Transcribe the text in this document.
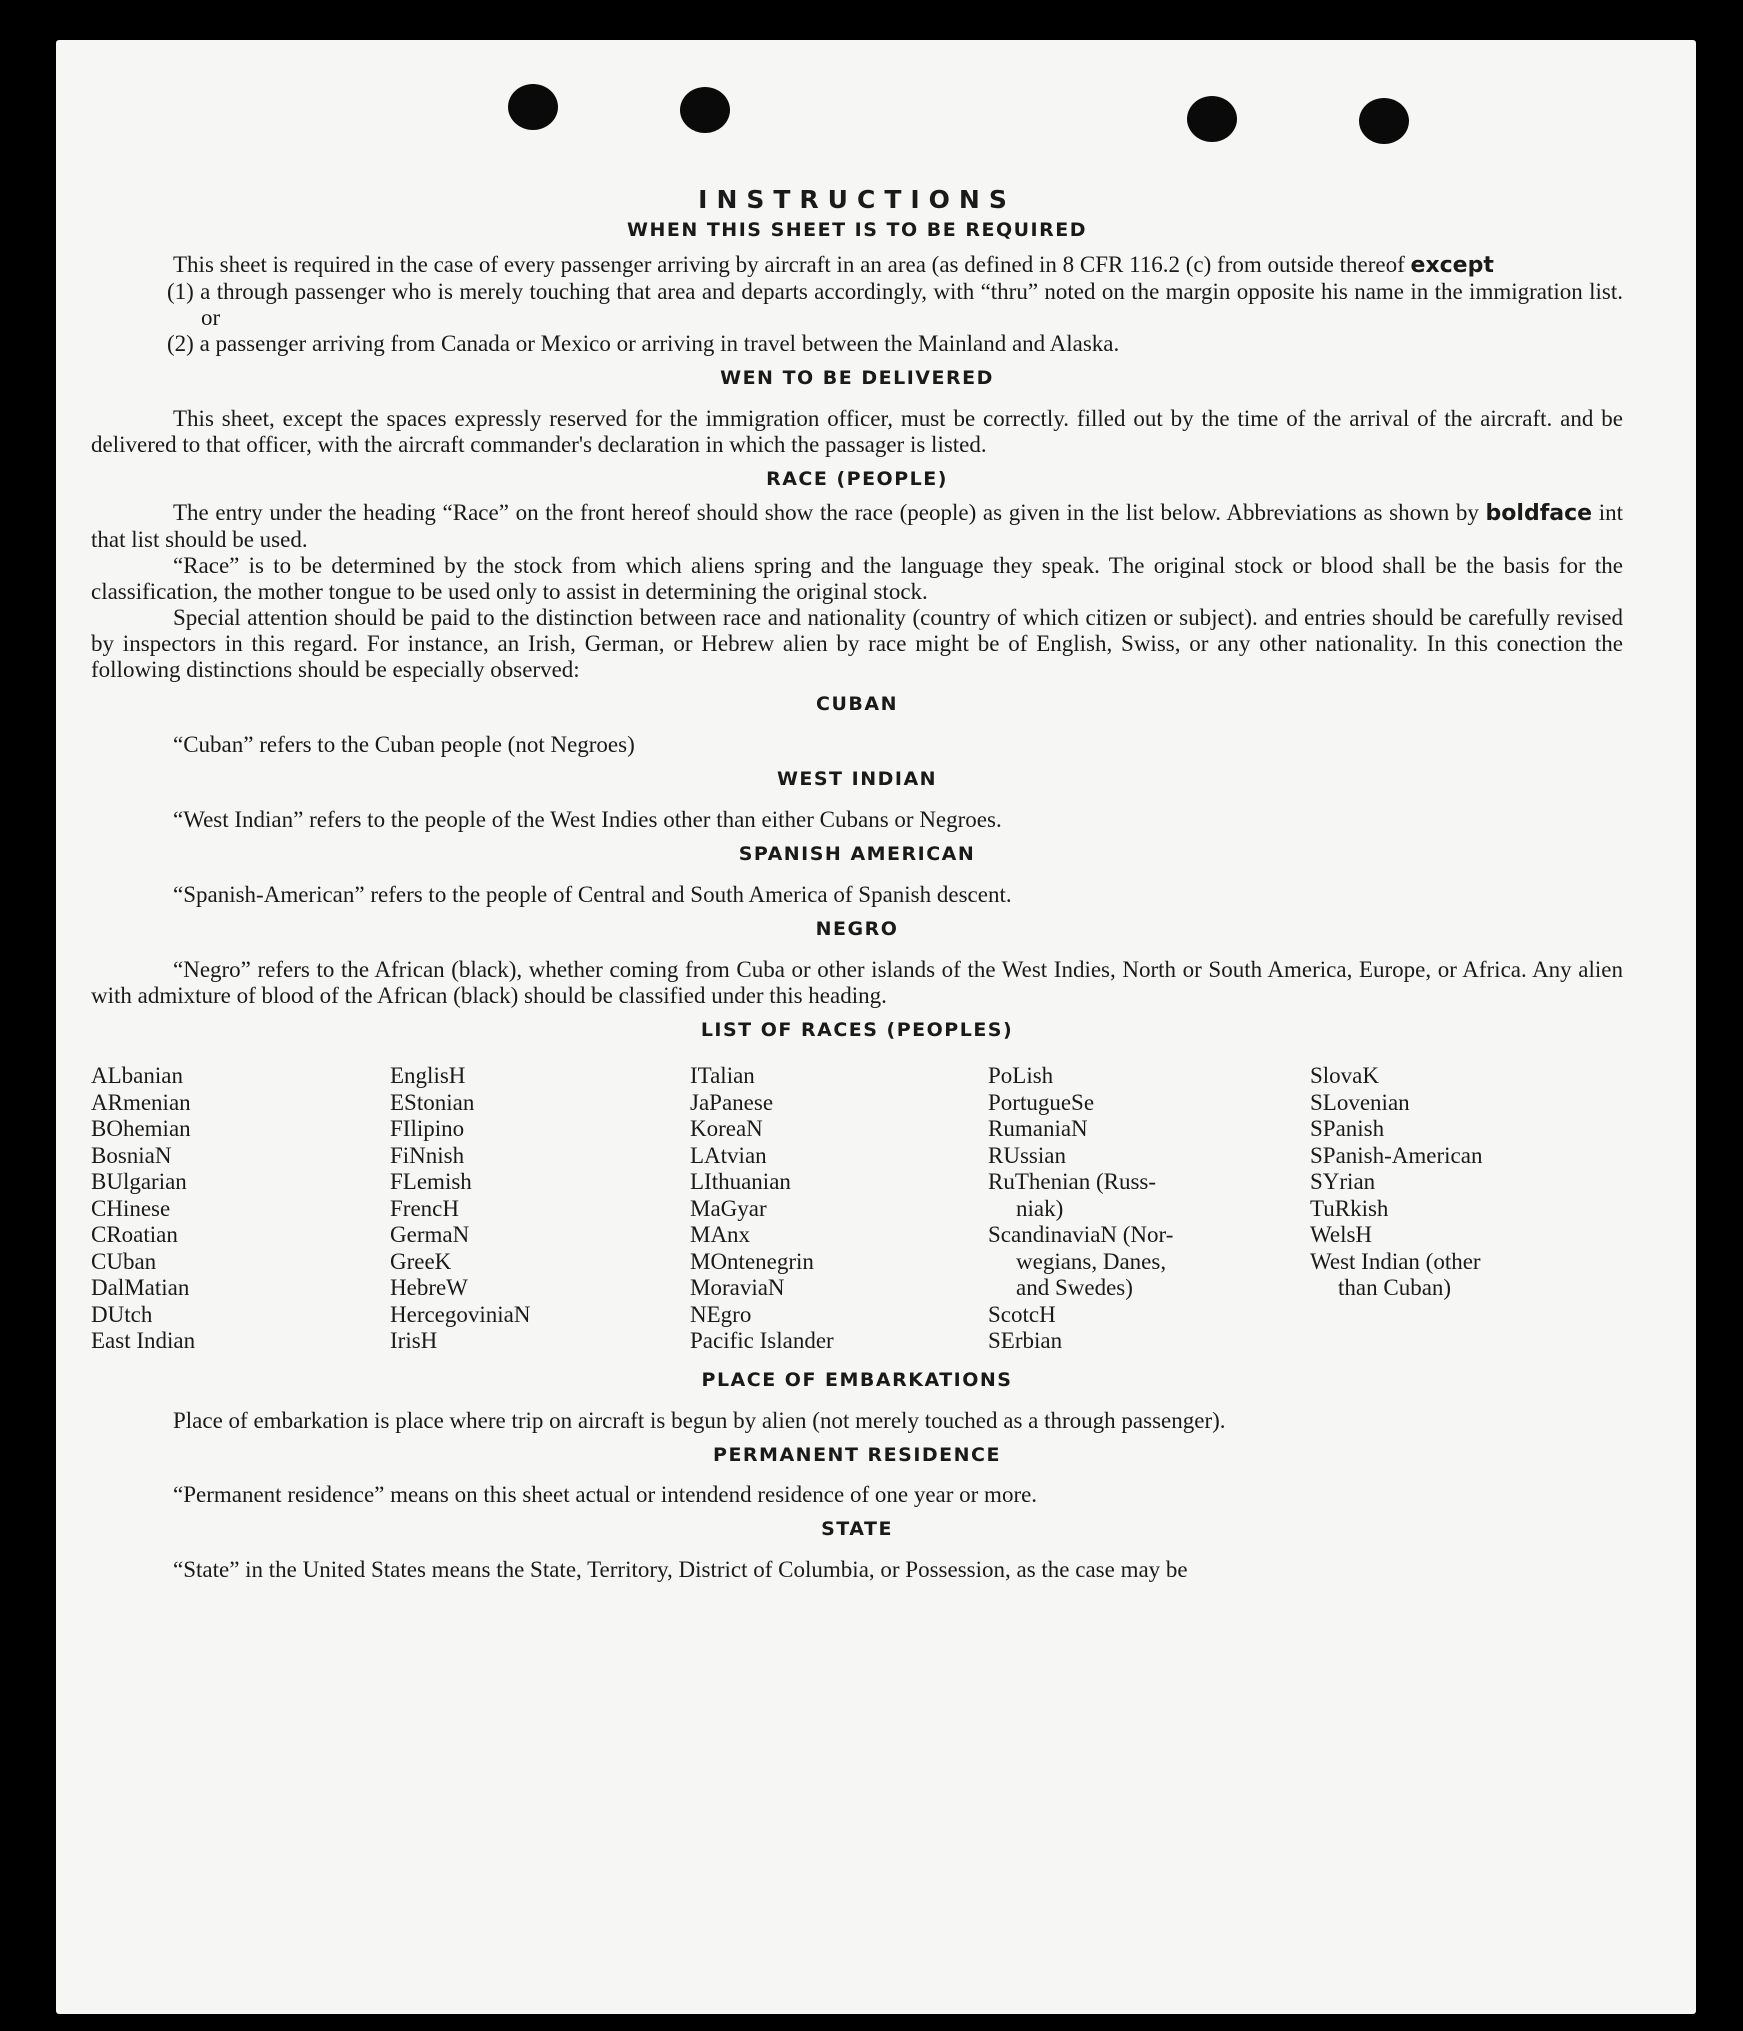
INSTRUCTIONS
WHEN THIS SHEET IS TO BE REQUIRED

This sheet is required in the case of every passenger arriving by aircraft in an area (as defined in 8 CFR 116.2 (c) from outside thereof except

(1) a through passenger who is merely touching that area and departs accordingly, with “thru” noted on the margin opposite his name in the immigration list. or

(2) a passenger arriving from Canada or Mexico or arriving in travel between the Mainland and Alaska.

WEN TO BE DELIVERED

This sheet, except the spaces expressly reserved for the immigration officer, must be correctly. filled out by the time of the arrival of the aircraft. and be delivered to that officer, with the aircraft commander's declaration in which the passager is listed.

RACE (PEOPLE)

The entry under the heading “Race” on the front hereof should show the race (people) as given in the list below. Abbreviations as shown by boldface int that list should be used.

“Race” is to be determined by the stock from which aliens spring and the language they speak. The original stock or blood shall be the basis for the classification, the mother tongue to be used only to assist in determining the original stock.

Special attention should be paid to the distinction between race and nationality (country of which citizen or subject). and entries should be carefully revised by inspectors in this regard. For instance, an Irish, German, or Hebrew alien by race might be of English, Swiss, or any other nationality. In this conection the following distinctions should be especially observed:

CUBAN

“Cuban” refers to the Cuban people (not Negroes)

WEST INDIAN

“West Indian” refers to the people of the West Indies other than either Cubans or Negroes.

SPANISH AMERICAN

“Spanish-American” refers to the people of Central and South America of Spanish descent.

NEGRO

“Negro” refers to the African (black), whether coming from Cuba or other islands of the West Indies, North or South America, Europe, or Africa. Any alien with admixture of blood of the African (black) should be classified under this heading.

LIST OF RACES (PEOPLES)
ALbanian
ARmenian
BOhemian
BosniaN
BUlgarian
CHinese
CRoatian
CUban
DalMatian
DUtch
East Indian
EnglisH
EStonian
FIlipino
FiNnish
FLemish
FrencH
GermaN
GreeK
HebreW
HercegoviniaN
IrisH
ITalian
JaPanese
KoreaN
LAtvian
LIthuanian
MaGyar
MAnx
MOntenegrin
MoraviaN
NEgro
Pacific Islander
PoLish
PortugueSe
RumaniaN
RUssian
RuThenian (Russ-
niak)
ScandinaviaN (Nor-
wegians, Danes,
and Swedes)
ScotcH
SErbian
SlovaK
SLovenian
SPanish
SPanish-American
SYrian
TuRkish
WelsH
West Indian (other
than Cuban)
PLACE OF EMBARKATIONS

Place of embarkation is place where trip on aircraft is begun by alien (not merely touched as a through passenger).

PERMANENT RESIDENCE

“Permanent residence” means on this sheet actual or intendend residence of one year or more.

STATE

“State” in the United States means the State, Territory, District of Columbia, or Possession, as the case may be
